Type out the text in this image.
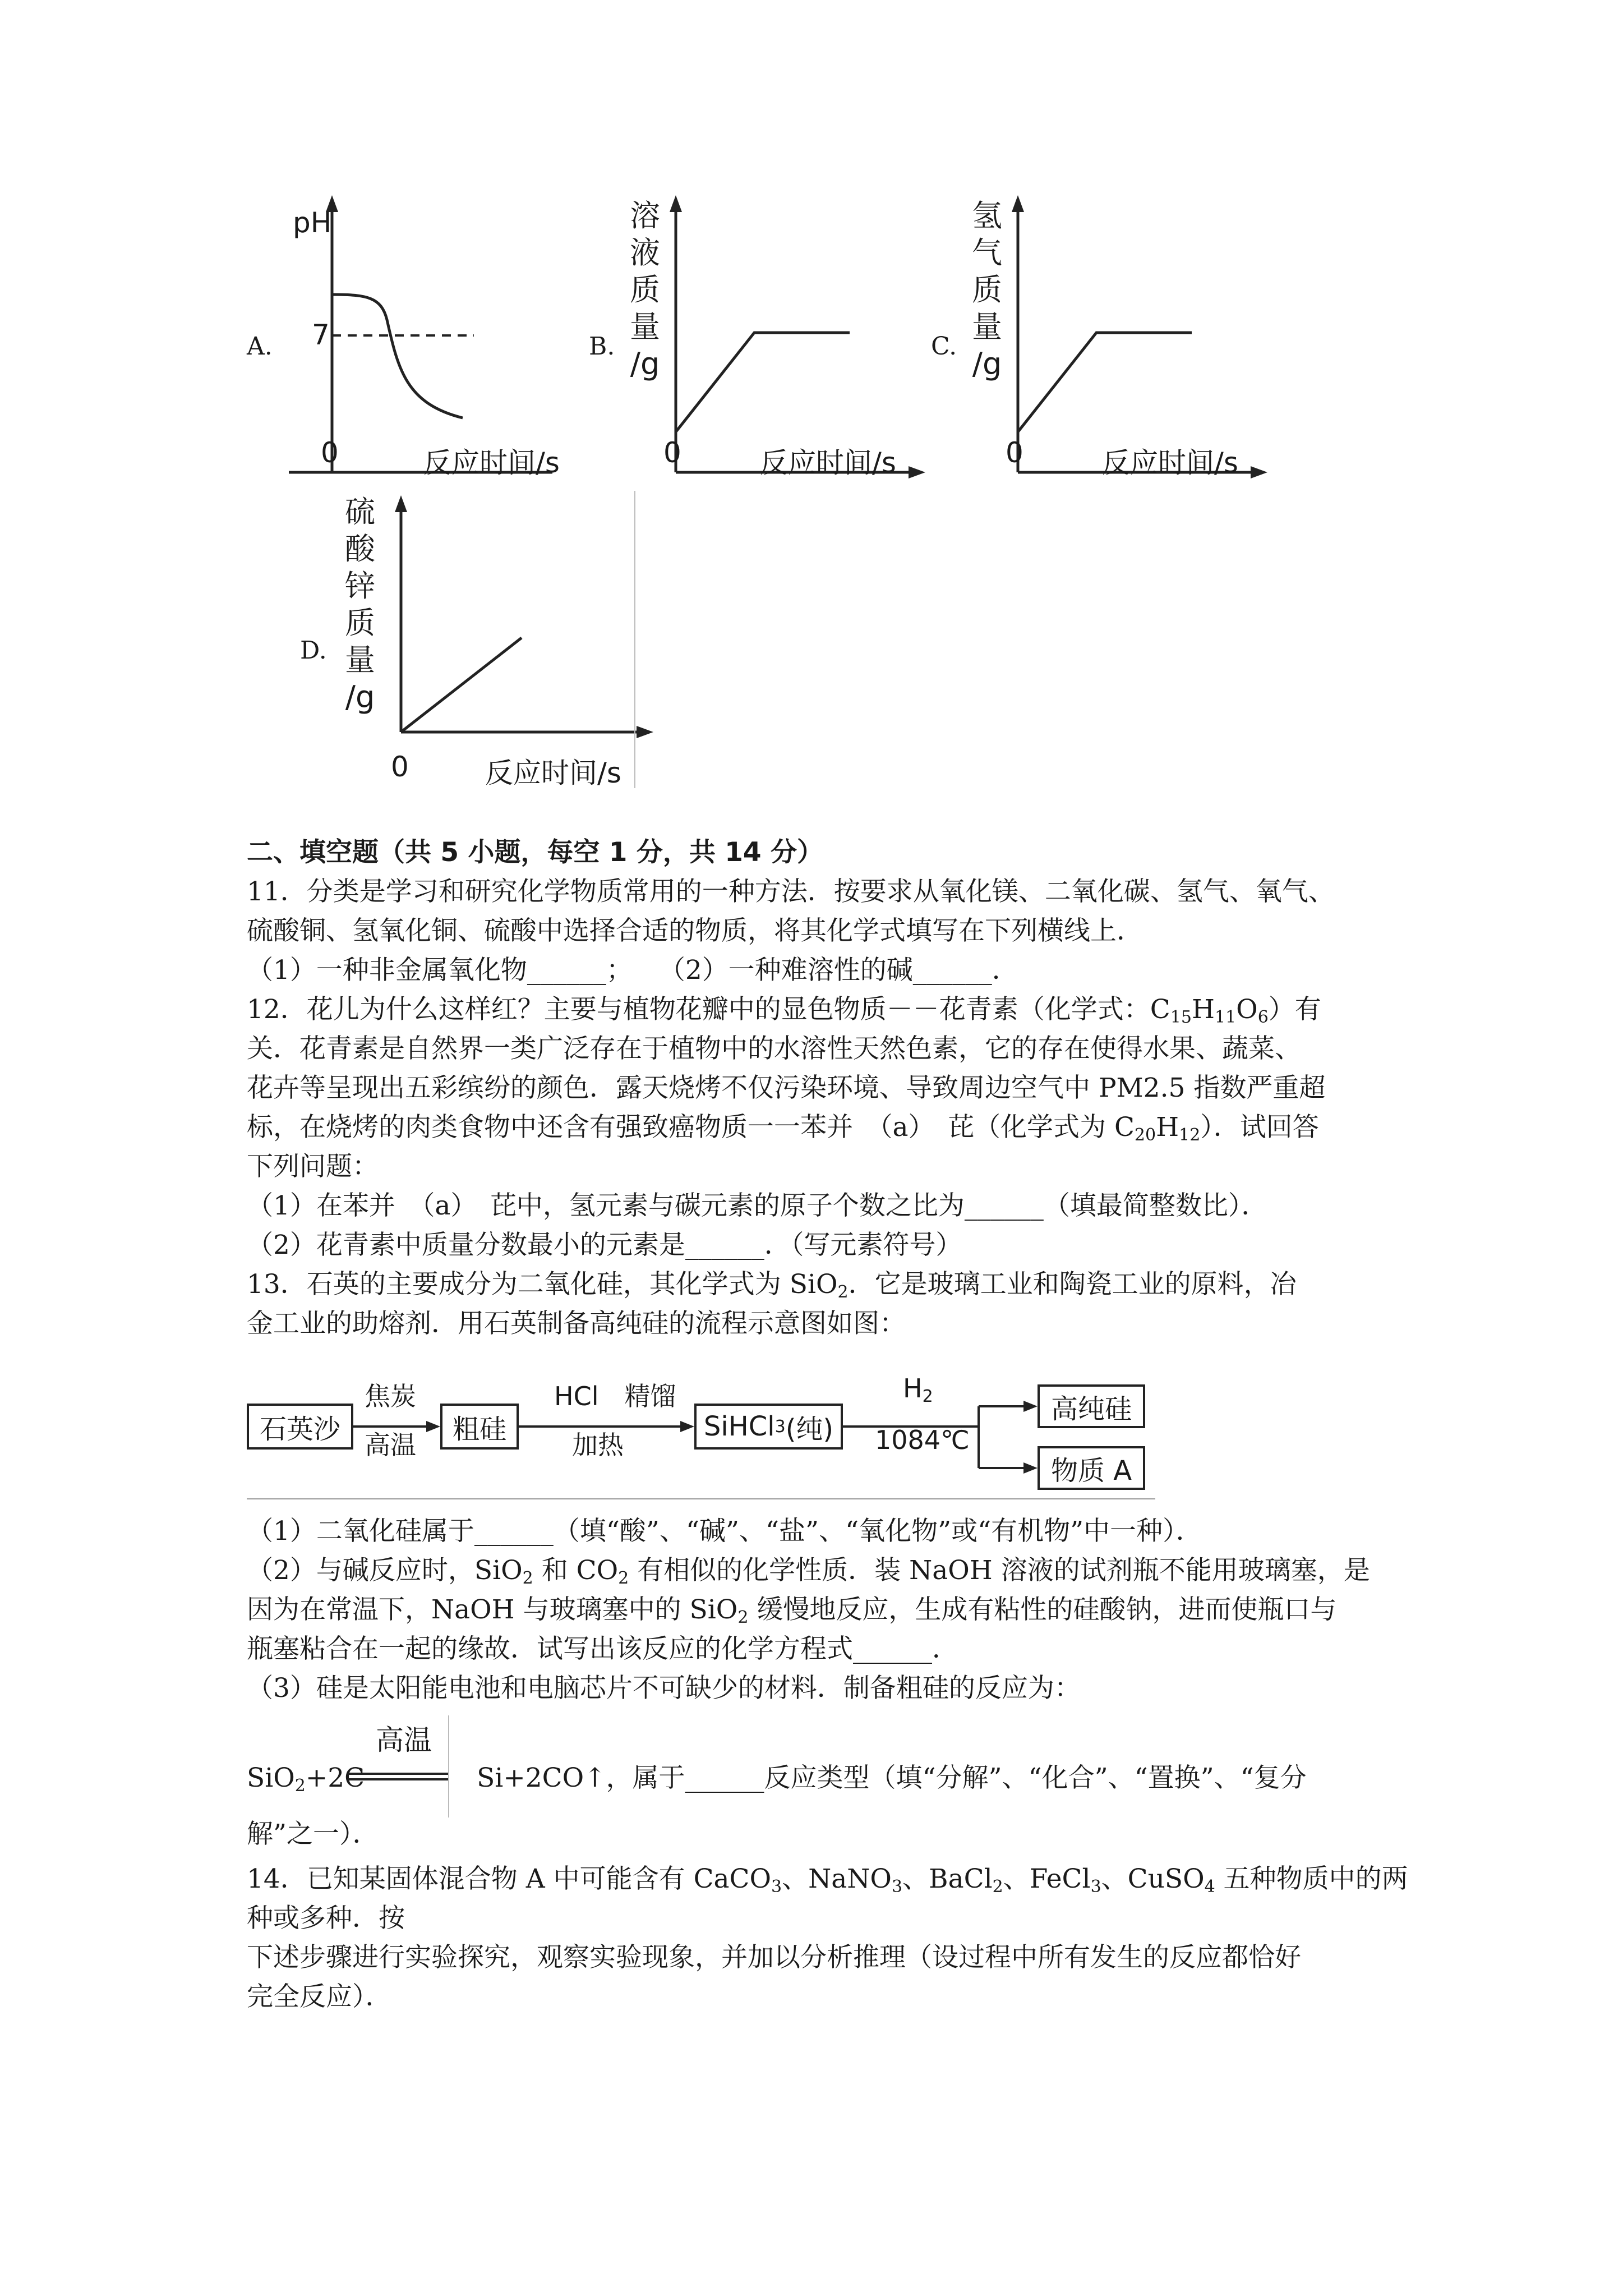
A.
pH
7
0	反应时间/s
B.
溶
液
质
量
/g
0	反应时间/s
C.
氢
气
质
量
/g
0	反应时间/s
D.
硫
酸
锌
质
量
/g
0	反应时间/s
二、填空题（共 5 小题，每空 1 分，共 14 分）
11．分类是学习和研究化学物质常用的一种方法．按要求从氧化镁、二氧化碳、氢气、氧气、
硫酸铜、氢氧化铜、硫酸中选择合适的物质，将其化学式填写在下列横线上．
（1）一种非金属氧化物______；　　（2）一种难溶性的碱______．
12．花儿为什么这样红？主要与植物花瓣中的显色物质－－花青素（化学式：$C_{15}H_{11}O_6$）有
关．花青素是自然界一类广泛存在于植物中的水溶性天然色素，它的存在使得水果、蔬菜、
花卉等呈现出五彩缤纷的颜色．露天烧烤不仅污染环境、导致周边空气中 PM2.5 指数严重超
标，在烧烤的肉类食物中还含有强致癌物质一一苯并　（a）　芘（化学式为 $C_{20}H_{12}$）．试回答
下列问题：
（1）在苯并　（a）　芘中，氢元素与碳元素的原子个数之比为______（填最简整数比）．
（2）花青素中质量分数最小的元素是______．（写元素符号）
13．石英的主要成分为二氧化硅，其化学式为 SiO$_2$．它是玻璃工业和陶瓷工业的原料，冶
金工业的助熔剂．用石英制备高纯硅的流程示意图如图：
石英沙
焦炭
高温
粗硅
HCl　精馏
加热
SiHCl 3 (纯)
$H_2$
1084℃
高纯硅
物质 A
（1）二氧化硅属于______（填“酸”、“碱”、“盐”、“氧化物”或“有机物”中一种）．
（2）与碱反应时，SiO$_2$ 和 $CO_2$ 有相似的化学性质．装 NaOH 溶液的试剂瓶不能用玻璃塞，是
因为在常温下，NaOH 与玻璃塞中的 SiO$_2$ 缓慢地反应，生成有粘性的硅酸钠，进而使瓶口与
瓶塞粘合在一起的缘故．试写出该反应的化学方程式______．
（3）硅是太阳能电池和电脑芯片不可缺少的材料．制备粗硅的反应为：
SiO$_2$+2C	Si+2CO↑，属于______反应类型（填“分解”、“化合”、“置换”、“复分
高温
解”之一）．
14．已知某固体混合物 A 中可能含有 CaCO$_3$、NaNO$_3$、BaCl$_2$、FeCl$_3$、CuSO$_4$ 五种物质中的两
种或多种．按
下述步骤进行实验探究，观察实验现象，并加以分析推理（设过程中所有发生的反应都恰好
完全反应）．
